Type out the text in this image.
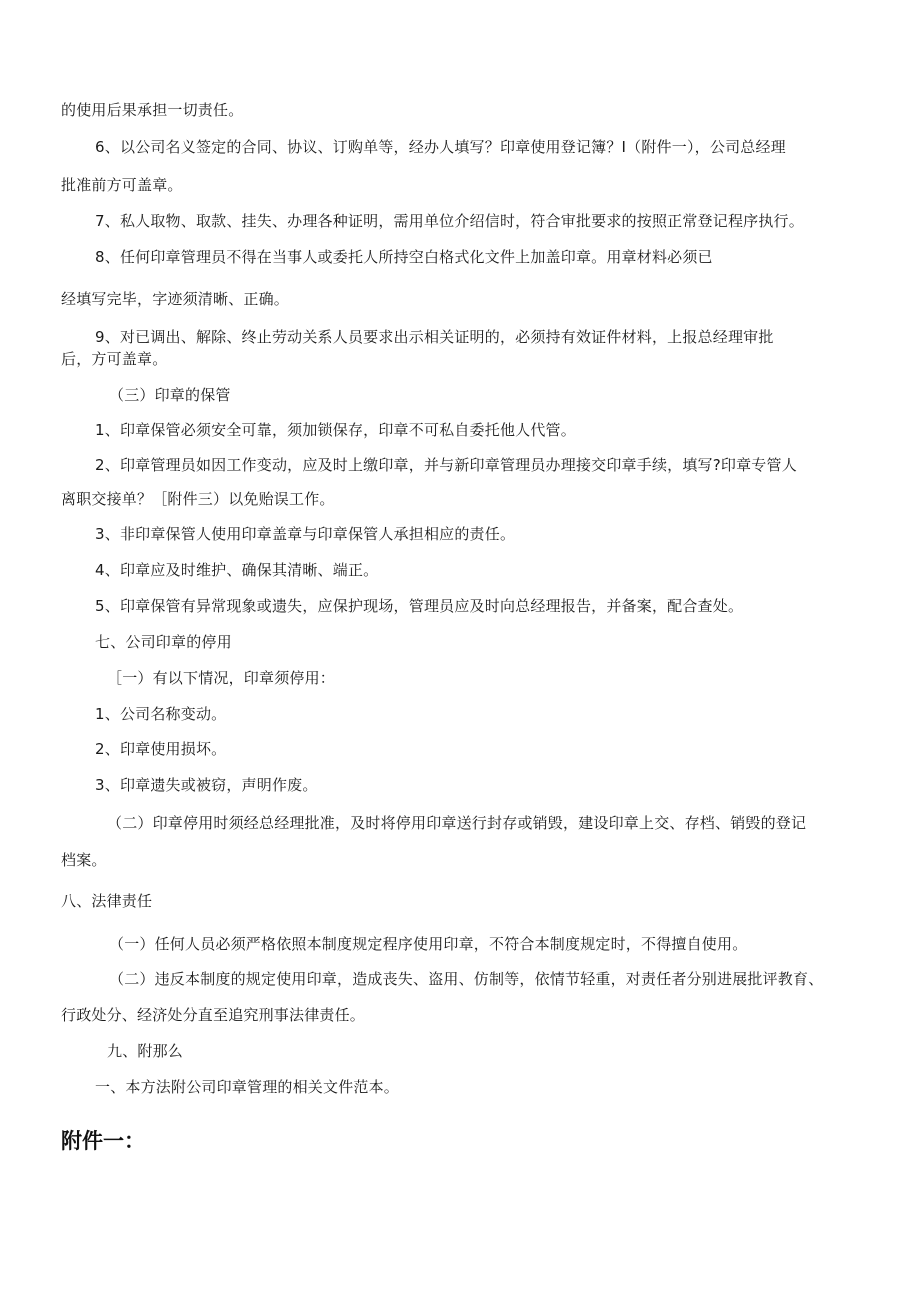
的使用后果承担一切责任。
6、以公司名义签定的合同、协议、订购单等，经办人填写？印章使用登记簿？I（附件一），公司总经理
批准前方可盖章。
7、私人取物、取款、挂失、办理各种证明，需用单位介绍信时，符合审批要求的按照正常登记程序执行。
8、任何印章管理员不得在当事人或委托人所持空白格式化文件上加盖印章。用章材料必须已
经填写完毕，字迹须清晰、正确。
9、对已调出、解除、终止劳动关系人员要求出示相关证明的，必须持有效证件材料，上报总经理审批
后，方可盖章。
（三）印章的保管
1、印章保管必须安全可靠，须加锁保存，印章不可私自委托他人代管。
2、印章管理员如因工作变动，应及时上缴印章，并与新印章管理员办理接交印章手续，填写?印章专管人
离职交接单？［附件三）以免贻误工作。
3、非印章保管人使用印章盖章与印章保管人承担相应的责任。
4、印章应及时维护、确保其清晰、端正。
5、印章保管有异常现象或遗失，应保护现场，管理员应及时向总经理报告，并备案，配合查处。
七、公司印章的停用
［一）有以下情况，印章须停用：
1、公司名称变动。
2、印章使用损坏。
3、印章遗失或被窃，声明作废。
（二）印章停用时须经总经理批准，及时将停用印章送行封存或销毁，建设印章上交、存档、销毁的登记
档案。
八、法律责任
（一）任何人员必须严格依照本制度规定程序使用印章，不符合本制度规定时，不得擅自使用。
（二）违反本制度的规定使用印章，造成丧失、盗用、仿制等，依情节轻重，对责任者分别进展批评教育、
行政处分、经济处分直至追究刑事法律责任。
九、附那么
一、本方法附公司印章管理的相关文件范本。
附件一：
